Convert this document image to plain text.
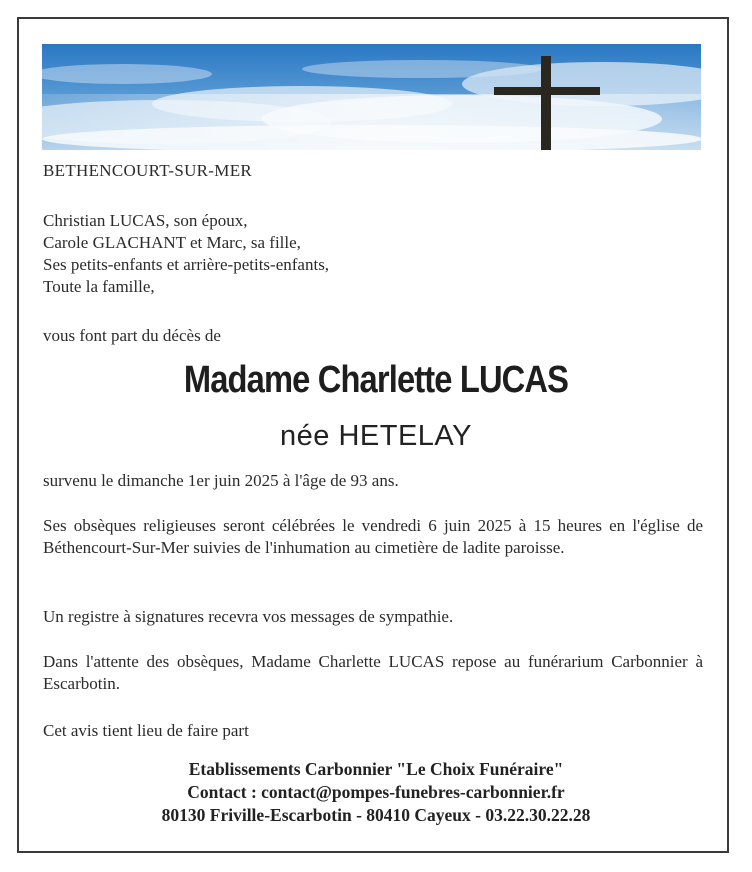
BETHENCOURT-SUR-MER
Christian LUCAS, son époux,
Carole GLACHANT et Marc, sa fille,
Ses petits-enfants et arrière-petits-enfants,
Toute la famille,
vous font part du décès de
Madame Charlette LUCAS
née HETELAY
survenu le dimanche 1er juin 2025 à l'âge de 93 ans.
Ses obsèques religieuses seront célébrées le vendredi 6 juin 2025 à 15 heures en l'église de Béthencourt-Sur-Mer suivies de l'inhumation au cimetière de ladite paroisse.
Un registre à signatures recevra vos messages de sympathie.
Dans l'attente des obsèques, Madame Charlette LUCAS repose au funérarium Carbonnier à Escarbotin.
Cet avis tient lieu de faire part
Etablissements Carbonnier "Le Choix Funéraire"
Contact : contact@pompes-funebres-carbonnier.fr
80130 Friville-Escarbotin - 80410 Cayeux - 03.22.30.22.28
